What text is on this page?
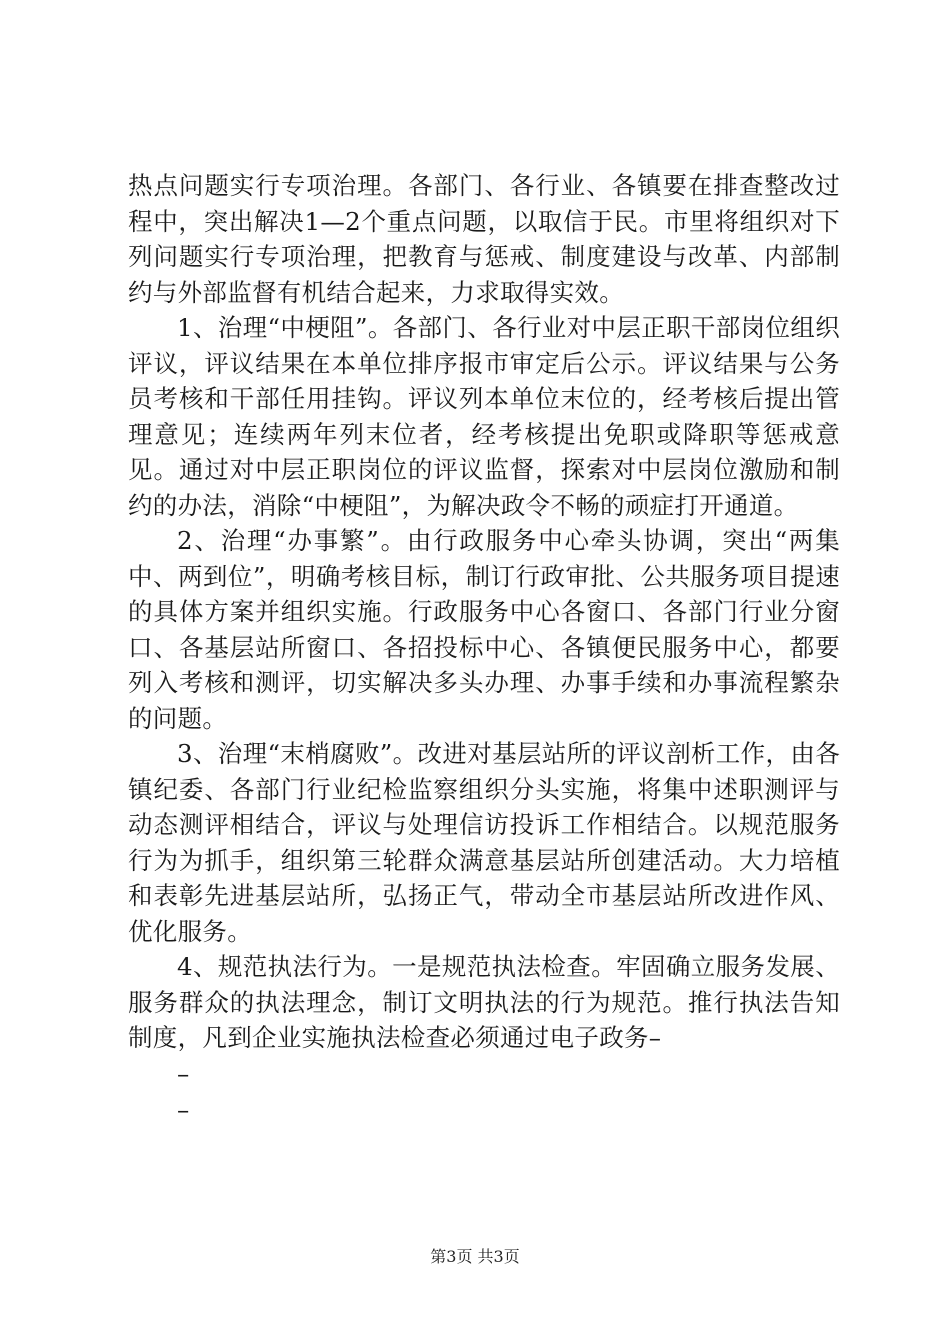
热点问题实行专项治理。各部门、各行业、各镇要在排查整改过程中，突出解决1—2个重点问题，以取信于民。市里将组织对下列问题实行专项治理，把教育与惩戒、制度建设与改革、内部制约与外部监督有机结合起来，力求取得实效。

1、治理“中梗阻”。各部门、各行业对中层正职干部岗位组织评议，评议结果在本单位排序报市审定后公示。评议结果与公务员考核和干部任用挂钩。评议列本单位末位的，经考核后提出管理意见；连续两年列末位者，经考核提出免职或降职等惩戒意见。通过对中层正职岗位的评议监督，探索对中层岗位激励和制约的办法，消除“中梗阻”，为解决政令不畅的顽症打开通道。

2、治理“办事繁”。由行政服务中心牵头协调，突出“两集中、两到位”，明确考核目标，制订行政审批、公共服务项目提速的具体方案并组织实施。行政服务中心各窗口、各部门行业分窗口、各基层站所窗口、各招投标中心、各镇便民服务中心，都要列入考核和测评，切实解决多头办理、办事手续和办事流程繁杂的问题。

3、治理“末梢腐败”。改进对基层站所的评议剖析工作，由各镇纪委、各部门行业纪检监察组织分头实施，将集中述职测评与动态测评相结合，评议与处理信访投诉工作相结合。以规范服务行为为抓手，组织第三轮群众满意基层站所创建活动。大力培植和表彰先进基层站所，弘扬正气，带动全市基层站所改进作风、优化服务。

4、规范执法行为。一是规范执法检查。牢固确立服务发展、服务群众的执法理念，制订文明执法的行为规范。推行执法告知制度，凡到企业实施执法检查必须通过电子政务–

–

–

第3页 共3页
